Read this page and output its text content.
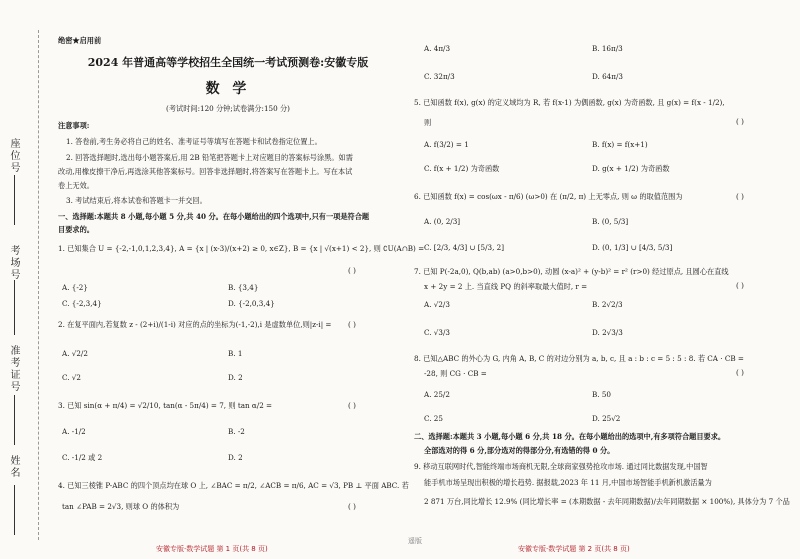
座位号
考场号
准考证号
姓名
绝密★启用前
2024 年普通高等学校招生全国统一考试预测卷:安徽专版
数 学
(考试时间:120 分钟;试卷满分:150 分)
注意事项:
1. 答卷前,考生务必将自己的姓名、准考证号等填写在答题卡和试卷指定位置上。
2. 回答选择题时,选出每小题答案后,用 2B 铅笔把答题卡上对应题目的答案标号涂黑。如需
改动,用橡皮擦干净后,再选涂其他答案标号。回答非选择题时,将答案写在答题卡上。写在本试
卷上无效。
3. 考试结束后,将本试卷和答题卡一并交回。
一、选择题:本题共 8 小题,每小题 5 分,共 40 分。在每小题给出的四个选项中,只有一项是符合题
目要求的。
1. 已知集合 U = {-2,-1,0,1,2,3,4}, A = {x | (x-3)/(x+2) ≥ 0, x∈Z}, B = {x | √(x+1) < 2}, 则 ∁U(A∩B) =
( )
A. {-2}	B. {3,4}
C. {-2,3,4}	D. {-2,0,3,4}
2. 在复平面内,若复数 z - (2+i)/(1-i) 对应的点的坐标为(-1,-2),i 是虚数单位,则|z-i| = ( )
A. √2/2	B. 1
C. √2	D. 2
3. 已知 sin(α + π/4) = √2/10, tan(α - 5π/4) = 7, 则 tan α/2 =	( )
A. -1/2	B. -2
C. -1/2 或 2	D. 2
4. 已知三棱锥 P-ABC 的四个顶点均在球 O 上, ∠BAC = π/2, ∠ACB = π/6, AC = √3, PB ⊥ 平面 ABC. 若
tan ∠PAB = 2√3, 则球 O 的体积为	( )
安徽专版·数学试题 第 1 页(共 8 页)
A. 4π/3	B. 16π/3
C. 32π/3	D. 64π/3
5. 已知函数 f(x), g(x) 的定义域均为 R, 若 f(x-1) 为偶函数, g(x) 为奇函数, 且 g(x) = f(x - 1/2),
则	( )
A. f(3/2) = 1	B. f(x) = f(x+1)
C. f(x + 1/2) 为奇函数	D. g(x + 1/2) 为奇函数
6. 已知函数 f(x) = cos(ωx - π/6) (ω>0) 在 (π/2, π) 上无零点, 则 ω 的取值范围为	( )
A. (0, 2/3]	B. (0, 5/3]
C. [2/3, 4/3] ∪ [5/3, 2]	D. (0, 1/3] ∪ [4/3, 5/3]
7. 已知 P(-2a,0), Q(b,ab) (a>0,b>0), 动圆 (x-a)² + (y-b)² = r² (r>0) 经过原点, 且圆心在直线
x + 2y = 2 上. 当直线 PQ 的斜率取最大值时, r =	( )
A. √2/3	B. 2√2/3
C. √3/3	D. 2√3/3
8. 已知△ABC 的外心为 G, 内角 A, B, C 的对边分别为 a, b, c, 且 a : b : c = 5 : 5 : 8. 若 CA · CB =
-28, 则 CG · CB =	( )
A. 25/2	B. 50
C. 25	D. 25√2
二、选择题:本题共 3 小题,每小题 6 分,共 18 分。在每小题给出的选项中,有多项符合题目要求。
全部选对的得 6 分,部分选对的得部分分,有选错的得 0 分。
9. 移动互联网时代,智能终端市场商机无限,全球商家强势抢攻市场. 通过同比数据发现,中国智
能手机市场呈现出积极的增长趋势. 据报载,2023 年 11 月,中国市场智能手机新机激活量为
2 871 万台,同比增长 12.9% (同比增长率 = (本期数据 - 去年同期数据)/去年同期数据 × 100%), 具体分为 7 个品
安徽专版·数学试题 第 2 页(共 8 页)
遥版
